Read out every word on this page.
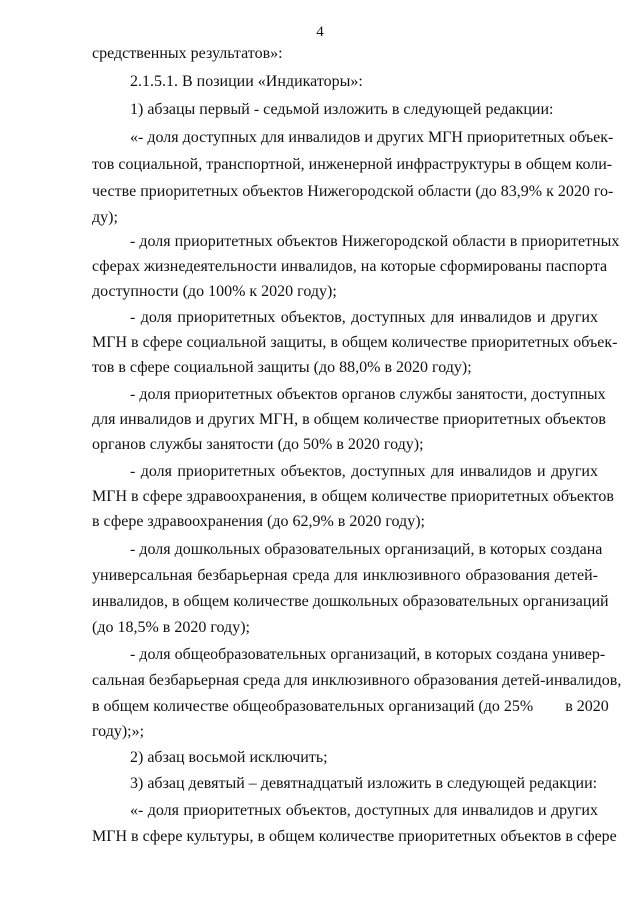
4
средственных результатов»:
2.1.5.1. В позиции «Индикаторы»:
1) абзацы первый - седьмой изложить в следующей редакции:
«- доля доступных для инвалидов и других МГН приоритетных объек-
тов социальной, транспортной, инженерной инфраструктуры в общем коли-
честве приоритетных объектов Нижегородской области (до 83,9% к 2020 го-
ду);
- доля приоритетных объектов Нижегородской области в приоритетных
сферах жизнедеятельности инвалидов, на которые сформированы паспорта
доступности (до 100% к 2020 году);
- доля приоритетных объектов, доступных для инвалидов и других
МГН в сфере социальной защиты, в общем количестве приоритетных объек-
тов в сфере социальной защиты (до 88,0% в 2020 году);
- доля приоритетных объектов органов службы занятости, доступных
для инвалидов и других МГН, в общем количестве приоритетных объектов
органов службы занятости (до 50% в 2020 году);
- доля приоритетных объектов, доступных для инвалидов и других
МГН в сфере здравоохранения, в общем количестве приоритетных объектов
в сфере здравоохранения (до 62,9% в 2020 году);
- доля дошкольных образовательных организаций, в которых создана
универсальная безбарьерная среда для инклюзивного образования детей-
инвалидов, в общем количестве дошкольных образовательных организаций
(до 18,5% в 2020 году);
- доля общеобразовательных организаций, в которых создана универ-
сальная безбарьерная среда для инклюзивного образования детей-инвалидов,
в общем количестве общеобразовательных организаций (до 25%        в 2020
году);»;
2) абзац восьмой исключить;
3) абзац девятый – девятнадцатый изложить в следующей редакции:
«- доля приоритетных объектов, доступных для инвалидов и других
МГН в сфере культуры, в общем количестве приоритетных объектов в сфере
